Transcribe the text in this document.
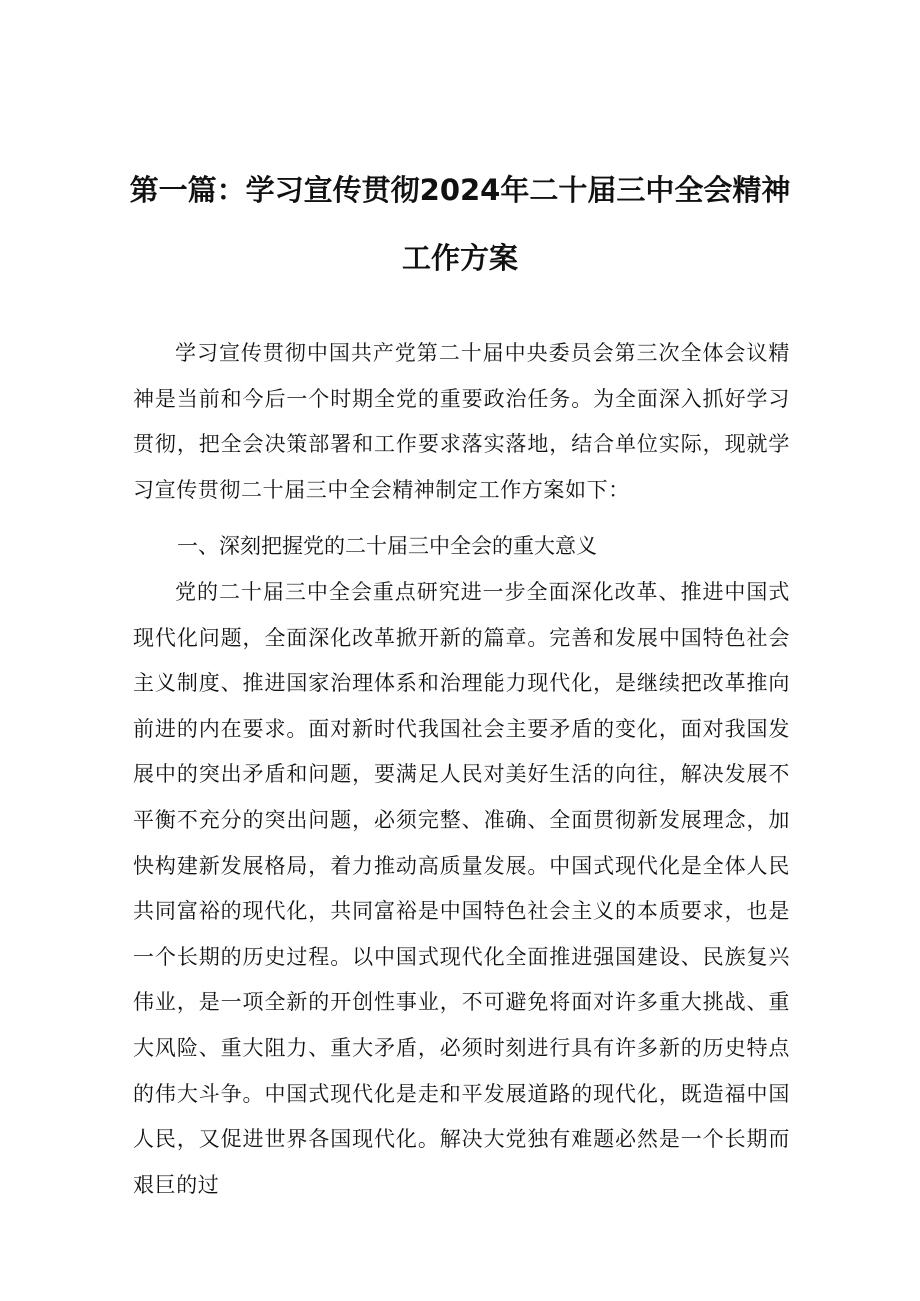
第一篇：学习宣传贯彻2024年二十届三中全会精神
工作方案

学习宣传贯彻中国共产党第二十届中央委员会第三次全体会议精神是当前和今后一个时期全党的重要政治任务。为全面深入抓好学习贯彻，把全会决策部署和工作要求落实落地，结合单位实际，现就学习宣传贯彻二十届三中全会精神制定工作方案如下：

一、深刻把握党的二十届三中全会的重大意义

党的二十届三中全会重点研究进一步全面深化改革、推进中国式现代化问题，全面深化改革掀开新的篇章。完善和发展中国特色社会主义制度、推进国家治理体系和治理能力现代化，是继续把改革推向前进的内在要求。面对新时代我国社会主要矛盾的变化，面对我国发展中的突出矛盾和问题，要满足人民对美好生活的向往，解决发展不平衡不充分的突出问题，必须完整、准确、全面贯彻新发展理念，加快构建新发展格局，着力推动高质量发展。中国式现代化是全体人民共同富裕的现代化，共同富裕是中国特色社会主义的本质要求，也是一个长期的历史过程。以中国式现代化全面推进强国建设、民族复兴伟业，是一项全新的开创性事业，不可避免将面对许多重大挑战、重大风险、重大阻力、重大矛盾，必须时刻进行具有许多新的历史特点的伟大斗争。中国式现代化是走和平发展道路的现代化，既造福中国人民，又促进世界各国现代化。解决大党独有难题必然是一个长期而艰巨的过
